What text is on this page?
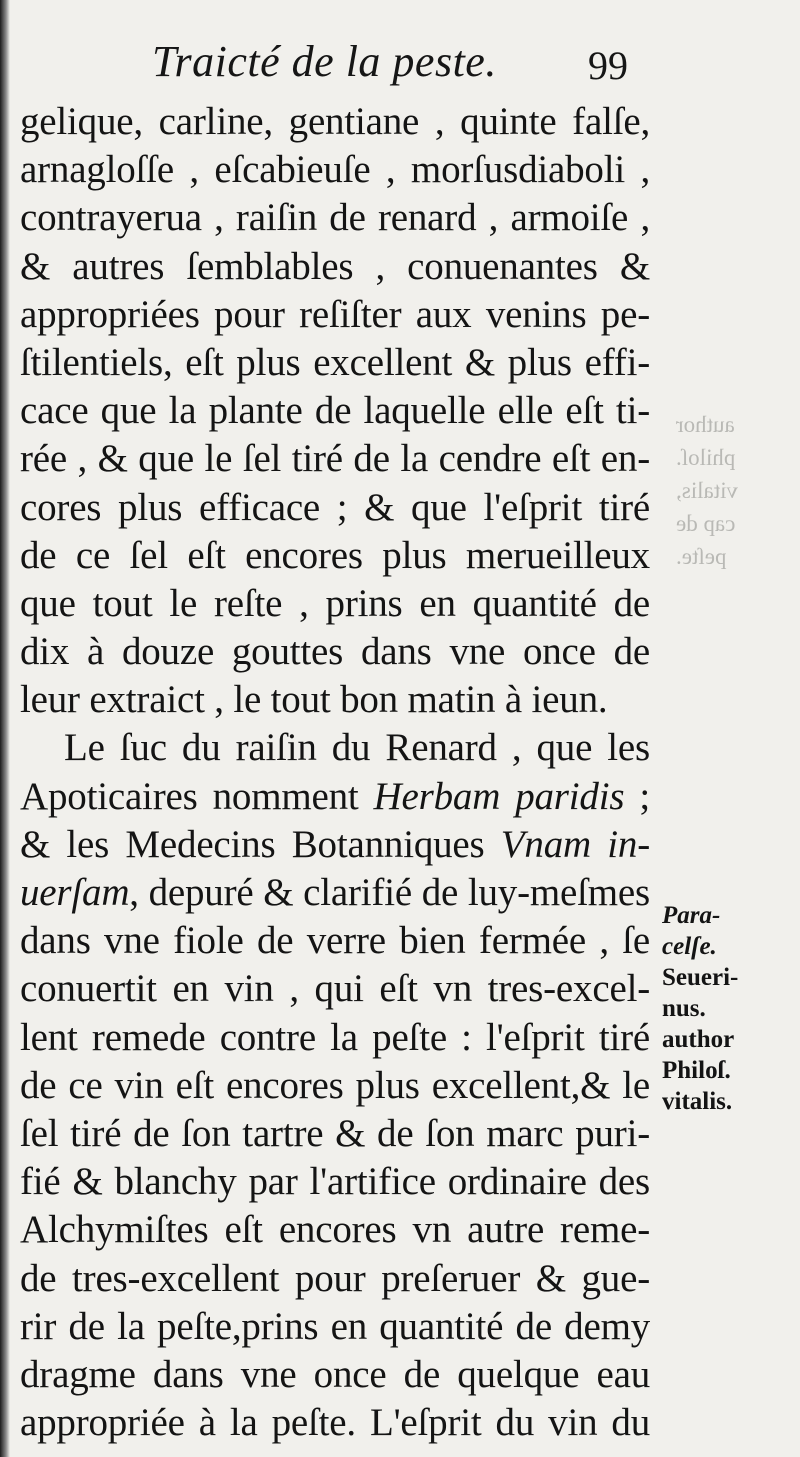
Traicté de la peste. 99
author
philoſ.
vitalis,
cap de
peſte.
gelique, carline, gentiane , quinte falſe,
arnagloſſe , eſcabieuſe , morſusdiaboli ,
contrayerua , raiſin de renard , armoiſe ,
& autres ſemblables , conuenantes &
appropriées pour reſiſter aux venins pe-
ſtilentiels, eſt plus excellent & plus effi-
cace que la plante de laquelle elle eſt ti-
rée , & que le ſel tiré de la cendre eſt en-
cores plus efficace ; & que l'eſprit tiré
de ce ſel eſt encores plus merueilleux
que tout le reſte , prins en quantité de
dix à douze gouttes dans vne once de
leur extraict , le tout bon matin à ieun.
Le ſuc du raiſin du Renard , que les
Apoticaires nomment Herbam paridis ;
& les Medecins Botanniques Vnam in-
uerſam, depuré & clarifié de luy-meſmes
dans vne fiole de verre bien fermée , ſe
conuertit en vin , qui eſt vn tres-excel-
lent remede contre la peſte : l'eſprit tiré
de ce vin eſt encores plus excellent,& le
ſel tiré de ſon tartre & de ſon marc puri-
fié & blanchy par l'artifice ordinaire des
Alchymiſtes eſt encores vn autre reme-
de tres-excellent pour preſeruer & gue-
rir de la peſte,prins en quantité de demy
dragme dans vne once de quelque eau
appropriée à la peſte. L'eſprit du vin du
Para-
celſe.
Seueri-
nus.
author
Philoſ.
vitalis.
